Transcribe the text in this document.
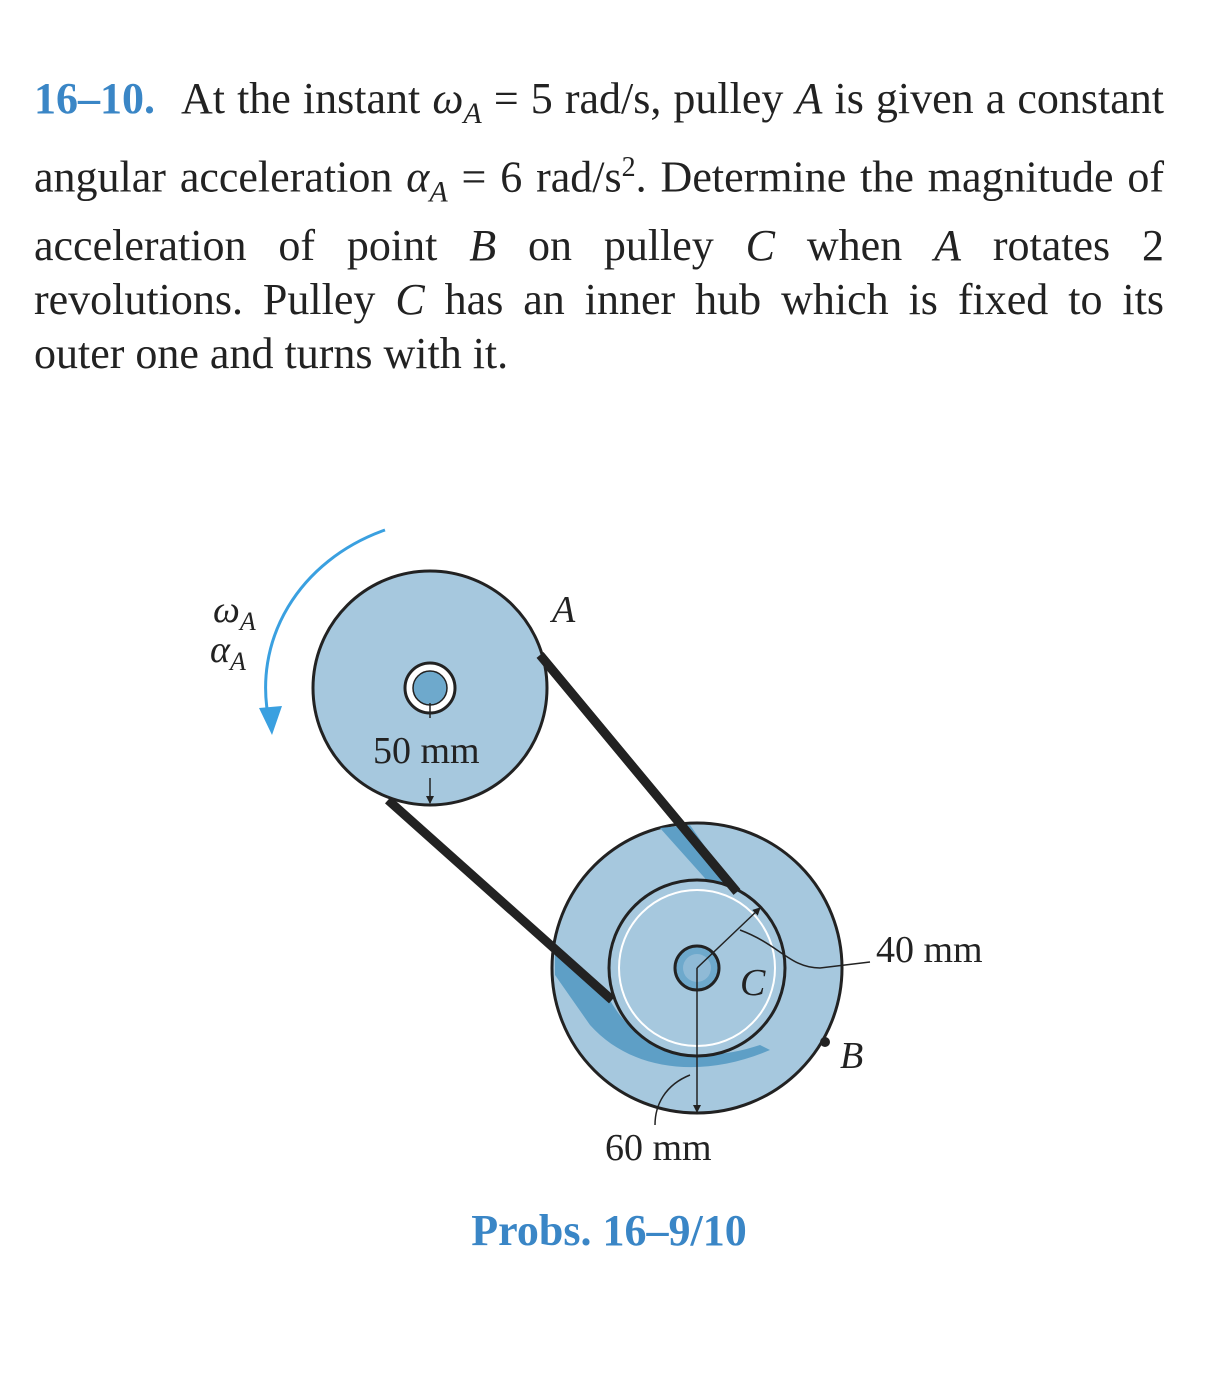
16–10. At the instant $\omega_A = 5$ rad/s, pulley A is given a constant angular acceleration $\alpha_A = 6$ rad/$s^2$. Determine the magnitude of acceleration of point B on pulley C when A rotates 2 revolutions. Pulley C has an inner hub which is fixed to its outer one and turns with it.

$\omega_A$
$\alpha_A$
A
50 mm
C
40 mm
B
60 mm
Probs. 16–9/10
